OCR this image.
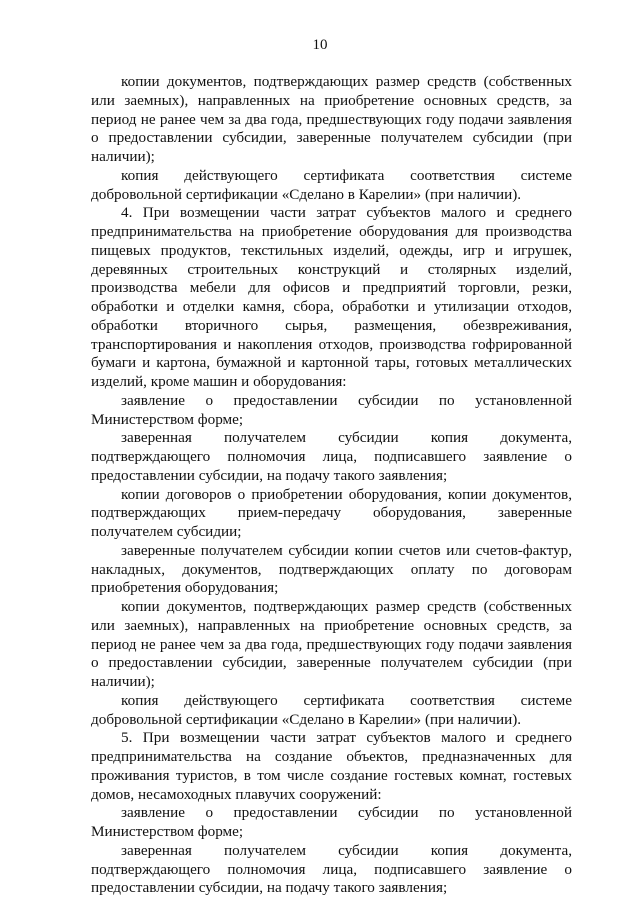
10

копии документов, подтверждающих размер средств (собственных или заемных), направленных на приобретение основных средств, за период не ранее чем за два года, предшествующих году подачи заявления о предоставлении субсидии, заверенные получателем субсидии (при наличии);

копия действующего сертификата соответствия системе добровольной сертификации «Сделано в Карелии» (при наличии).

4. При возмещении части затрат субъектов малого и среднего предпринимательства на приобретение оборудования для производства пищевых продуктов, текстильных изделий, одежды, игр и игрушек, деревянных строительных конструкций и столярных изделий, производства мебели для офисов и предприятий торговли, резки, обработки и отделки камня, сбора, обработки и утилизации отходов, обработки вторичного сырья, размещения, обезвреживания, транспортирования и накопления отходов, производства гофрированной бумаги и картона, бумажной и картонной тары, готовых металлических изделий, кроме машин и оборудования:

заявление о предоставлении субсидии по установленной Министерством форме;

заверенная получателем субсидии копия документа, подтверждающего полномочия лица, подписавшего заявление о предоставлении субсидии, на подачу такого заявления;

копии договоров о приобретении оборудования, копии документов, подтверждающих прием-передачу оборудования, заверенные получателем субсидии;

заверенные получателем субсидии копии счетов или счетов-фактур, накладных, документов, подтверждающих оплату по договорам приобретения оборудования;

копии документов, подтверждающих размер средств (собственных или заемных), направленных на приобретение основных средств, за период не ранее чем за два года, предшествующих году подачи заявления о предоставлении субсидии, заверенные получателем субсидии (при наличии);

копия действующего сертификата соответствия системе добровольной сертификации «Сделано в Карелии» (при наличии).

5. При возмещении части затрат субъектов малого и среднего предпринимательства на создание объектов, предназначенных для проживания туристов, в том числе создание гостевых комнат, гостевых домов, несамоходных плавучих сооружений:

заявление о предоставлении субсидии по установленной Министерством форме;

заверенная получателем субсидии копия документа, подтверждающего полномочия лица, подписавшего заявление о предоставлении субсидии, на подачу такого заявления;
